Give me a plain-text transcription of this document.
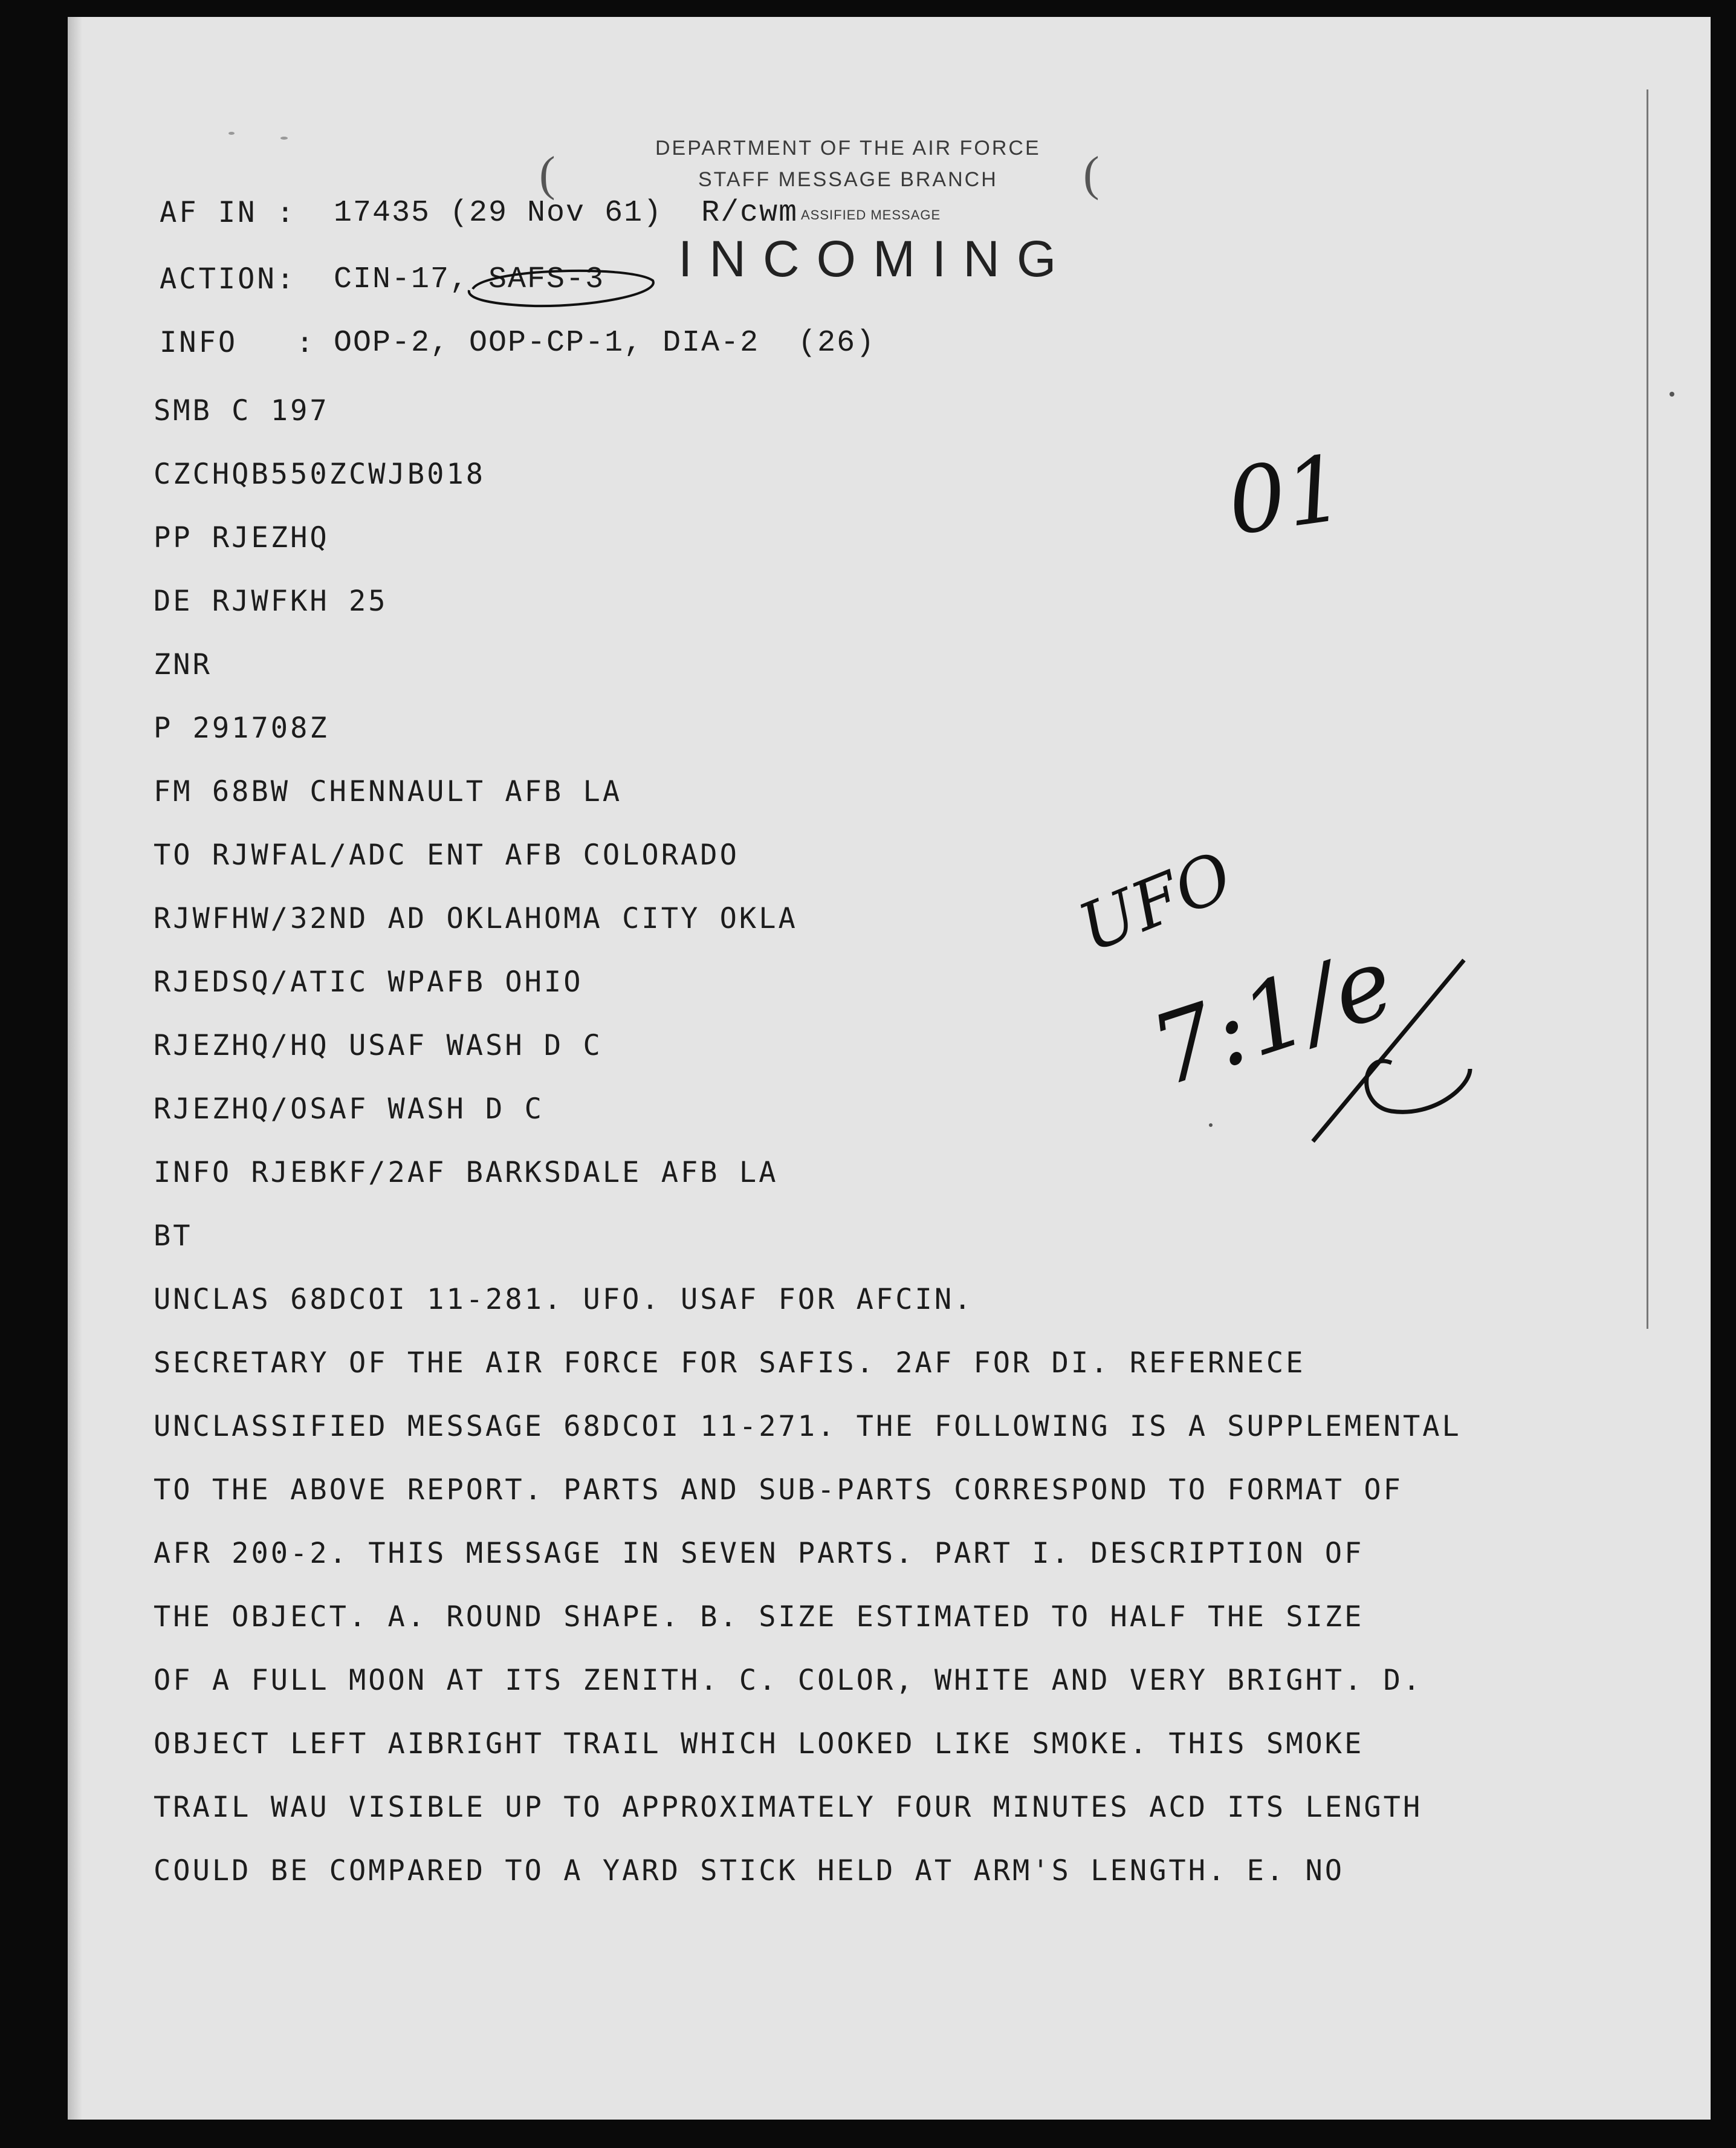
DEPARTMENT OF THE AIR FORCE
STAFF MESSAGE BRANCH
ASSIFIED MESSAGE
INCOMING
(	(
AF IN : 17435 (29 Nov 61)  R/cwm
ACTION: CIN-17, SAFS-3
INFO   : OOP-2, OOP-CP-1, DIA-2  (26)
SMB C 197
CZCHQB550ZCWJB018
PP RJEZHQ
DE RJWFKH 25
ZNR
P 291708Z
FM 68BW CHENNAULT AFB LA
TO RJWFAL/ADC ENT AFB COLORADO
RJWFHW/32ND AD OKLAHOMA CITY OKLA
RJEDSQ/ATIC WPAFB OHIO
RJEZHQ/HQ USAF WASH D C
RJEZHQ/OSAF WASH D C
INFO RJEBKF/2AF BARKSDALE AFB LA
BT
UNCLAS 68DCOI 11-281. UFO. USAF FOR AFCIN.
SECRETARY OF THE AIR FORCE FOR SAFIS. 2AF FOR DI. REFERNECE
UNCLASSIFIED MESSAGE 68DCOI 11-271. THE FOLLOWING IS A SUPPLEMENTAL
TO THE ABOVE REPORT. PARTS AND SUB-PARTS CORRESPOND TO FORMAT OF
AFR 200-2. THIS MESSAGE IN SEVEN PARTS. PART I. DESCRIPTION OF
THE OBJECT. A. ROUND SHAPE. B. SIZE ESTIMATED TO HALF THE SIZE
OF A FULL MOON AT ITS ZENITH. C. COLOR, WHITE AND VERY BRIGHT. D.
OBJECT LEFT AIBRIGHT TRAIL WHICH LOOKED LIKE SMOKE. THIS SMOKE
TRAIL WAU VISIBLE UP TO APPROXIMATELY FOUR MINUTES ACD ITS LENGTH
COULD BE COMPARED TO A YARD STICK HELD AT ARM'S LENGTH. E. NO
01
UFO
7:1/e
